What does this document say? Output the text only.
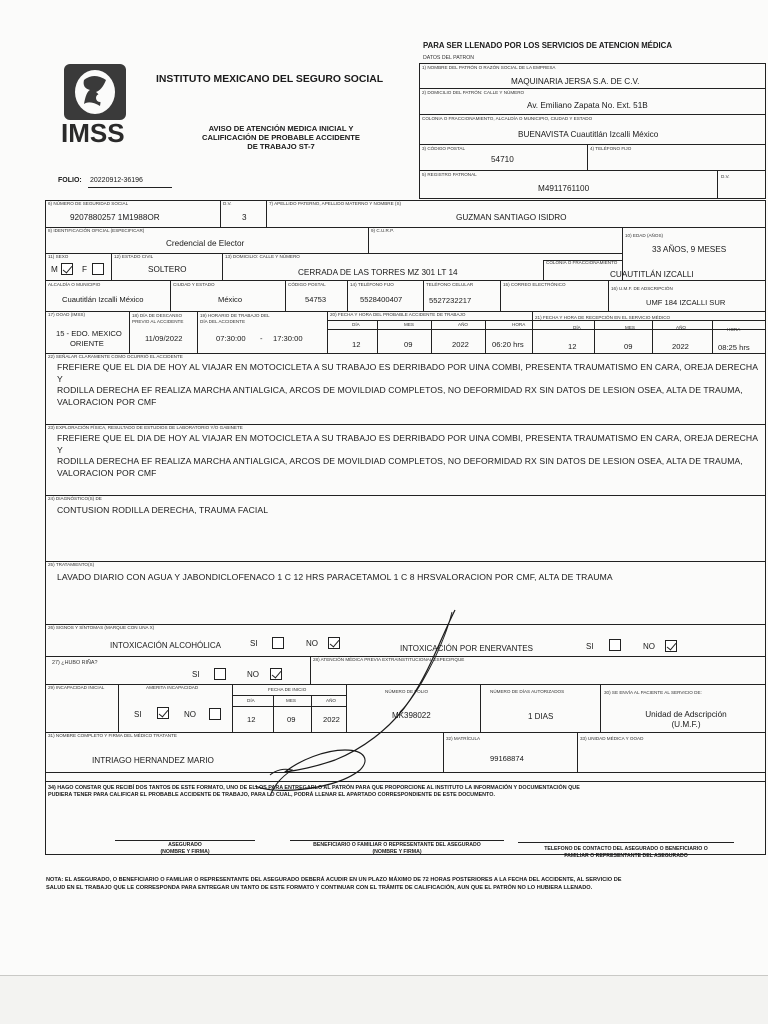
IMSS
INSTITUTO MEXICANO DEL SEGURO SOCIAL
AVISO DE ATENCIÓN MEDICA INICIAL Y
CALIFICACIÓN DE PROBABLE ACCIDENTE
DE TRABAJO ST-7
FOLIO: 20220912-36196
PARA SER LLENADO POR LOS SERVICIOS DE ATENCION MÉDICA
DATOS DEL PATRON
1) NOMBRE DEL PATRÓN O RAZÓN SOCIAL DE LA EMPRESA
MAQUINARIA JERSA S.A. DE C.V.
2) DOMICILIO DEL PATRÓN: CALLE Y NÚMERO
Av. Emiliano Zapata No. Ext. 51B
COLONIA O FRACCIONAMIENTO, ALCALDÍA O MUNICIPIO, CIUDAD Y ESTADO
BUENAVISTA Cuautitlán Izcalli México
3) CÓDIGO POSTAL
54710
4) TELÉFONO FIJO
5) REGISTRO PATRONAL
M4911761100
D.V.
6) NÚMERO DE SEGURIDAD SOCIAL
9207880257 1M1988OR
D.V.
3
7) APELLIDO PATERNO, APELLIDO MATERNO Y NOMBRE (S)
GUZMAN SANTIAGO ISIDRO
8) IDENTIFICACIÓN OFICIAL (ESPECIFICAR)
Credencial de Elector
9) C.U.R.P.
10) EDAD (AÑOS)
33 AÑOS, 9 MESES
11) SEXO
M	F
12) ESTADO CIVIL
SOLTERO
13) DOMICILIO: CALLE Y NÚMERO
CERRADA DE LAS TORRES MZ 301 LT 14
COLONIA O FRACCIONAMIENTO
CUAUTITLÁN IZCALLI
ALCALDÍA O MUNICIPIO
Cuautitlán Izcalli México
CIUDAD Y ESTADO
México
CÓDIGO POSTAL
54753
14) TELÉFONO FIJO
5528400407
TELÉFONO CELULAR
5527232217
15) CORREO ELECTRÓNICO
16) U.M.F. DE ADSCRIPCIÓN
UMF 184 IZCALLI SUR
17) OOAD (IMSS)
15 - EDO. MEXICO
ORIENTE
18) DÍA DE DESCANSO
PREVIO AL ACCIDENTE
11/09/2022
19) HORARIO DE TRABAJO DEL
DÍA DEL ACCIDENTE
07:30:00 - 17:30:00
20) FECHA Y HORA DEL PROBABLE ACCIDENTE DE TRABAJO
21) FECHA Y HORA DE RECEPCIÓN EN EL SERVICIO MÉDICO
DÍA	MES	AÑO	HORA
DÍA	MES	AÑO	HORA
12	09	2022	06:20 hrs	12	09	2022	08:25 hrs
22) SEÑALAR CLARAMENTE COMO OCURRIÓ EL ACCIDENTE
FREFIERE QUE EL DIA DE HOY AL VIAJAR EN MOTOCICLETA A SU TRABAJO ES DERRIBADO POR UINA COMBI, PRESENTA TRAUMATISMO EN CARA, OREJA DERECHA Y
RODILLA DERECHA EF REALIZA MARCHA ANTIALGICA, ARCOS DE MOVILDIAD COMPLETOS, NO DEFORMIDAD RX SIN DATOS DE LESION OSEA, ALTA DE TRAUMA,
VALORACION POR CMF
23) EXPLORACIÓN FÍSICA, RESULTADO DE ESTUDIOS DE LABORATORIO Y/O GABINETE
FREFIERE QUE EL DIA DE HOY AL VIAJAR EN MOTOCICLETA A SU TRABAJO ES DERRIBADO POR UINA COMBI, PRESENTA TRAUMATISMO EN CARA, OREJA DERECHA Y
RODILLA DERECHA EF REALIZA MARCHA ANTIALGICA, ARCOS DE MOVILDIAD COMPLETOS, NO DEFORMIDAD RX SIN DATOS DE LESION OSEA, ALTA DE TRAUMA,
VALORACION POR CMF
24) DIAGNÓSTICO(S) DE
CONTUSION RODILLA DERECHA, TRAUMA FACIAL
25) TRATAMIENTO(S)
LAVADO DIARIO CON AGUA Y JABONDICLOFENACO 1 C 12 HRS PARACETAMOL 1 C 8 HRSVALORACION POR CMF, ALTA DE TRAUMA
26) SIGNOS Y SÍNTOMAS (MARQUE CON UNA X)
INTOXICACIÓN ALCOHÓLICA	SI	NO
INTOXICACIÓN POR ENERVANTES	SI	NO
27) ¿HUBO RIÑA?
SI	NO
28) ATENCIÓN MÉDICA PREVIA EXTRAINSTITUCIONAL ESPECIFIQUE
29) INCAPACIDAD INICIAL	AMERITA INCAPACIDAD
SI	NO
FECHA DE INICIO
DÍA	MES	AÑO
12	09	2022
NÚMERO DE FOLIO
MK398022
NÚMERO DE DÍAS AUTORIZADOS
1 DIAS
30) SE ENVÍA AL PACIENTE AL SERVICIO DE:
Unidad de Adscripción
(U.M.F.)
31) NOMBRE COMPLETO Y FIRMA DEL MÉDICO TRATANTE
INTRIAGO HERNANDEZ MARIO
32) MATRÍCULA
99168874
33) UNIDAD MÉDICA Y OOAD
34) HAGO CONSTAR QUE RECIBÍ DOS TANTOS DE ESTE FORMATO, UNO DE ELLOS PARA ENTREGARLO AL PATRÓN PARA QUE PROPORCIONE AL INSTITUTO LA INFORMACIÓN Y DOCUMENTACIÓN QUE
PUDIERA TENER PARA CALIFICAR EL PROBABLE ACCIDENTE DE TRABAJO, PARA LO CUAL, PODRÁ LLENAR EL APARTADO CORRESPONDIENTE DE ESTE DOCUMENTO.
ASEGURADO
(NOMBRE Y FIRMA)
BENEFICIARIO O FAMILIAR O REPRESENTANTE DEL ASEGURADO
(NOMBRE Y FIRMA)	TELEFONO DE CONTACTO DEL ASEGURADO O BENEFICIARIO O
FAMILIAR O REPRESENTANTE DEL ASEGURADO
NOTA: EL ASEGURADO, O BENEFICIARIO O FAMILIAR O REPRESENTANTE DEL ASEGURADO DEBERÁ ACUDIR EN UN PLAZO MÁXIMO DE 72 HORAS POSTERIORES A LA FECHA DEL ACCIDENTE, AL SERVICIO DE
SALUD EN EL TRABAJO QUE LE CORRESPONDA PARA ENTREGAR UN TANTO DE ESTE FORMATO Y CONTINUAR CON EL TRÁMITE DE CALIFICACIÓN, AUN QUE EL PATRÓN NO LO HUBIERA LLENADO.
